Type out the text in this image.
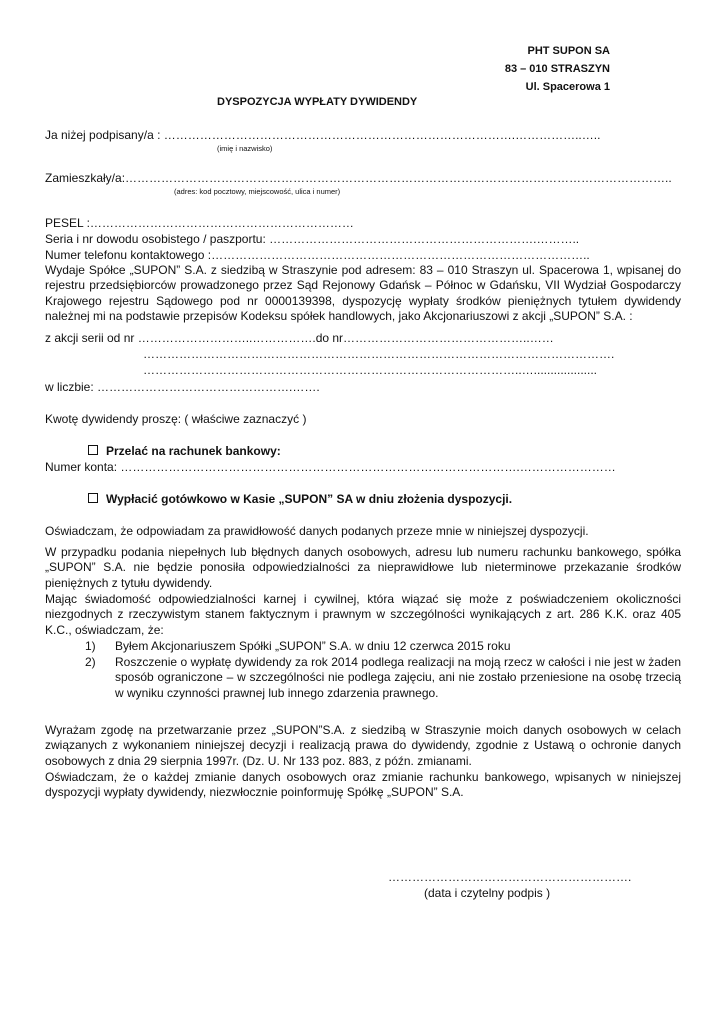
PHT SUPON SA
83 – 010 STRASZYN
Ul. Spacerowa 1
DYSPOZYCJA WYPŁATY DYWIDENDY
Ja niżej podpisany/a : …………………………………………………………………………….……………..…..
(imię i nazwisko)
Zamieszkały/a:………………………………………………………………………………………………………………………..
(adres: kod pocztowy, miejscowość, ulica i numer)
PESEL :…………………………………………………………
Seria i nr dowodu osobistego / paszportu: ………………………………………………………….………..
Numer telefonu kontaktowego :…………………………………………………………………………………..
Wydaje Spółce „SUPON” S.A. z siedzibą w Straszynie pod adresem: 83 – 010 Straszyn ul. Spacerowa 1, wpisanej do rejestru przedsiębiorców prowadzonego przez Sąd Rejonowy Gdańsk – Północ w Gdańsku, VII Wydział Gospodarczy Krajowego rejestru Sądowego pod nr 0000139398, dyspozycję wypłaty środków pieniężnych tytułem dywidendy należnej mi na podstawie przepisów Kodeksu spółek handlowych, jako Akcjonariuszowi z akcji „SUPON” S.A. :
z akcji serii od nr ………………………..…………….do nr………………………………………..……
……………………………………………………………………………………………………….
…………………………………………………………………………………..…...................
w liczbie: ………………………………………….…….
Kwotę dywidendy proszę: ( właściwe zaznaczyć )
Przelać na rachunek bankowy:
Numer konta: ……………………………………………………………………………………….……………………
Wypłacić gotówkowo w Kasie „SUPON” SA w dniu złożenia dyspozycji.
Oświadczam, że odpowiadam za prawidłowość danych podanych przeze mnie w niniejszej dyspozycji.
W przypadku podania niepełnych lub błędnych danych osobowych, adresu lub numeru rachunku bankowego, spółka „SUPON” S.A. nie będzie ponosiła odpowiedzialności za nieprawidłowe lub nieterminowe przekazanie środków pieniężnych z tytułu dywidendy.
Mając świadomość odpowiedzialności karnej i cywilnej, która wiązać się może z poświadczeniem okoliczności niezgodnych z rzeczywistym stanem faktycznym i prawnym w szczególności wynikających z art. 286 K.K. oraz 405 K.C., oświadczam, że:
1) Byłem Akcjonariuszem Spółki „SUPON” S.A. w dniu 12 czerwca 2015 roku
2) Roszczenie o wypłatę dywidendy za rok 2014 podlega realizacji na moją rzecz w całości i nie jest w żaden sposób ograniczone – w szczególności nie podlega zajęciu, ani nie zostało przeniesione na osobę trzecią w wyniku czynności prawnej lub innego zdarzenia prawnego.
Wyrażam zgodę na przetwarzanie przez „SUPON”S.A. z siedzibą w Straszynie moich danych osobowych w celach związanych z wykonaniem niniejszej decyzji i realizacją prawa do dywidendy, zgodnie z Ustawą o ochronie danych osobowych z dnia 29 sierpnia 1997r. (Dz. U. Nr 133 poz. 883, z późn. zmianami.
Oświadczam, że o każdej zmianie danych osobowych oraz zmianie rachunku bankowego, wpisanych w niniejszej dyspozycji wypłaty dywidendy, niezwłocznie poinformuję Spółkę „SUPON” S.A.
…………………………………………………….
(data i czytelny podpis )
